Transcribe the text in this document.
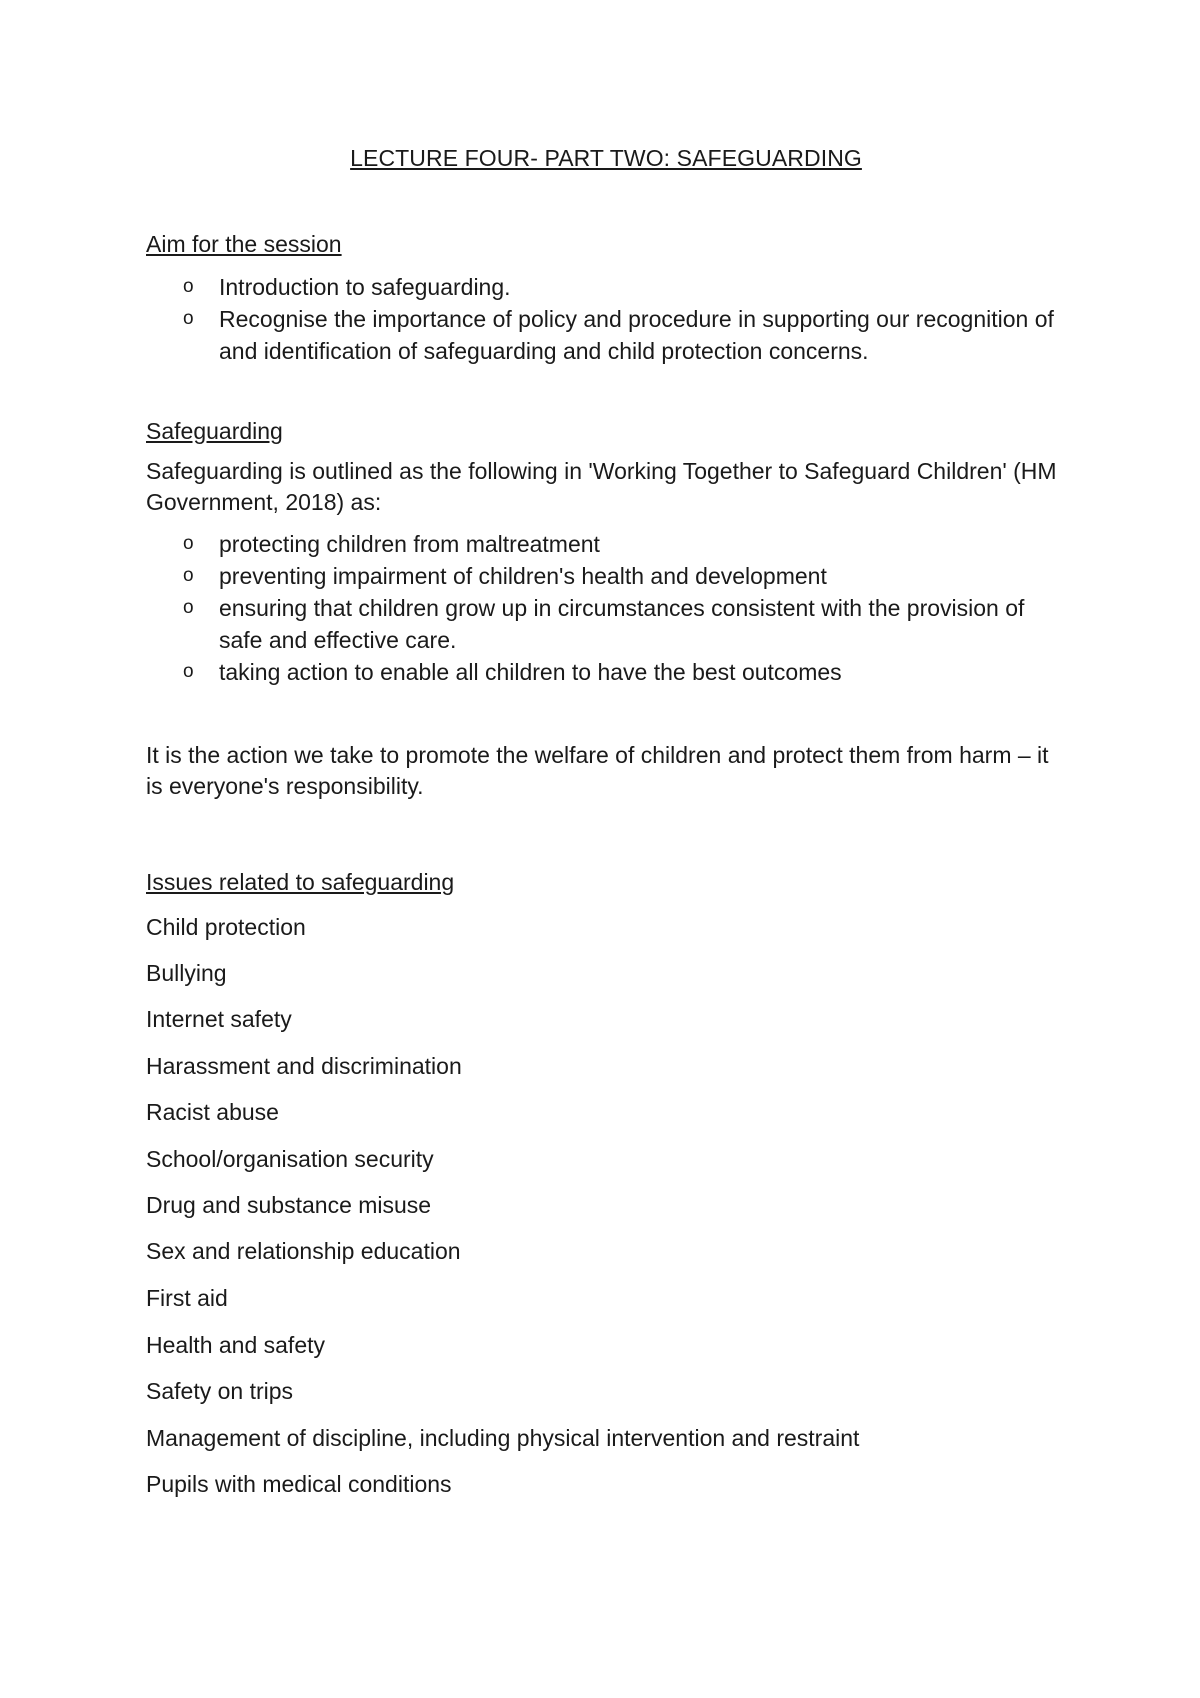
LECTURE FOUR- PART TWO: SAFEGUARDING
Aim for the session
o Introduction to safeguarding.
o Recognise the importance of policy and procedure in supporting our recognition of and identification of safeguarding and child protection concerns.
Safeguarding

Safeguarding is outlined as the following in 'Working Together to Safeguard Children' (HM Government, 2018) as:

o protecting children from maltreatment
o preventing impairment of children's health and development
o ensuring that children grow up in circumstances consistent with the provision of safe and effective care.
o taking action to enable all children to have the best outcomes

It is the action we take to promote the welfare of children and protect them from harm – it is everyone's responsibility.

Issues related to safeguarding

Child protection

Bullying

Internet safety

Harassment and discrimination

Racist abuse

School/organisation security

Drug and substance misuse

Sex and relationship education

First aid

Health and safety

Safety on trips

Management of discipline, including physical intervention and restraint

Pupils with medical conditions
